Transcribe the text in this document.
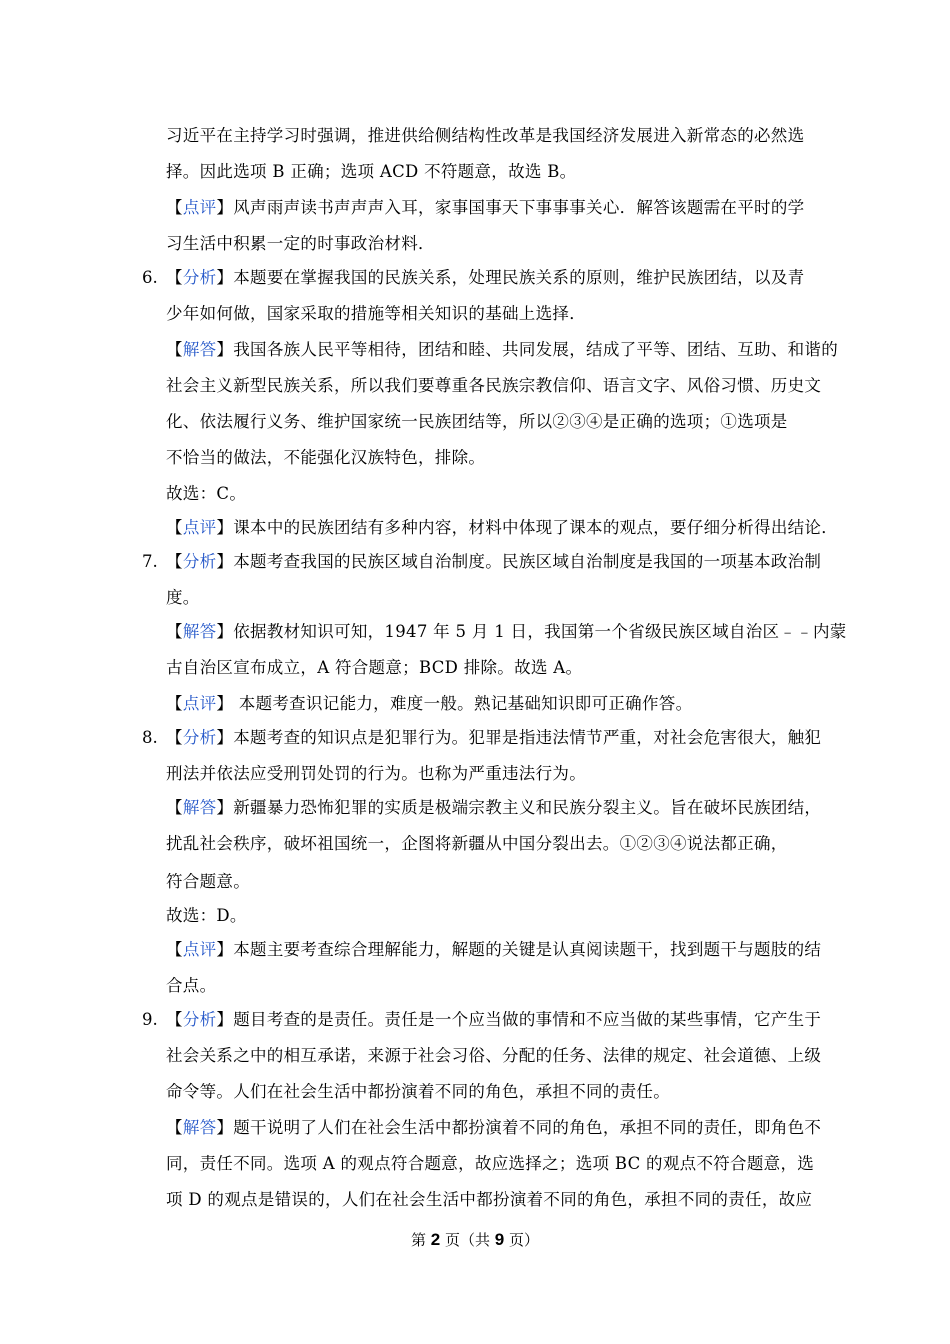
习近平在主持学习时强调，推进供给侧结构性改革是我国经济发展进入新常态的必然选
择。因此选项 B 正确；选项 ACD 不符题意，故选 B。
【点评】风声雨声读书声声声入耳，家事国事天下事事事关心．解答该题需在平时的学
习生活中积累一定的时事政治材料．
6. 【分析】本题要在掌握我国的民族关系，处理民族关系的原则，维护民族团结，以及青
少年如何做，国家采取的措施等相关知识的基础上选择．
【解答】我国各族人民平等相待，团结和睦、共同发展，结成了平等、团结、互助、和谐的
社会主义新型民族关系，所以我们要尊重各民族宗教信仰、语言文字、风俗习惯、历史文
化、依法履行义务、维护国家统一民族团结等，所以②③④是正确的选项；①选项是
不恰当的做法，不能强化汉族特色，排除。
故选：C。
【点评】课本中的民族团结有多种内容，材料中体现了课本的观点，要仔细分析得出结论．
7. 【分析】本题考查我国的民族区域自治制度。民族区域自治制度是我国的一项基本政治制
度。
【解答】依据教材知识可知，1947 年 5 月 1 日，我国第一个省级民族区域自治区﹣﹣内蒙
古自治区宣布成立，A 符合题意；BCD 排除。故选 A。
【点评】 本题考查识记能力，难度一般。熟记基础知识即可正确作答。
8. 【分析】本题考查的知识点是犯罪行为。犯罪是指违法情节严重，对社会危害很大，触犯
刑法并依法应受刑罚处罚的行为。也称为严重违法行为。
【解答】新疆暴力恐怖犯罪的实质是极端宗教主义和民族分裂主义。旨在破坏民族团结，
扰乱社会秩序，破坏祖国统一，企图将新疆从中国分裂出去。①②③④说法都正确，
符合题意。
故选：D。
【点评】本题主要考查综合理解能力，解题的关键是认真阅读题干，找到题干与题肢的结
合点。
9. 【分析】题目考查的是责任。责任是一个应当做的事情和不应当做的某些事情，它产生于
社会关系之中的相互承诺，来源于社会习俗、分配的任务、法律的规定、社会道德、上级
命令等。人们在社会生活中都扮演着不同的角色，承担不同的责任。
【解答】题干说明了人们在社会生活中都扮演着不同的角色，承担不同的责任，即角色不
同，责任不同。选项 A 的观点符合题意，故应选择之；选项 BC 的观点不符合题意，选
项 D 的观点是错误的，人们在社会生活中都扮演着不同的角色，承担不同的责任，故应
第 2 页（共 9 页）
